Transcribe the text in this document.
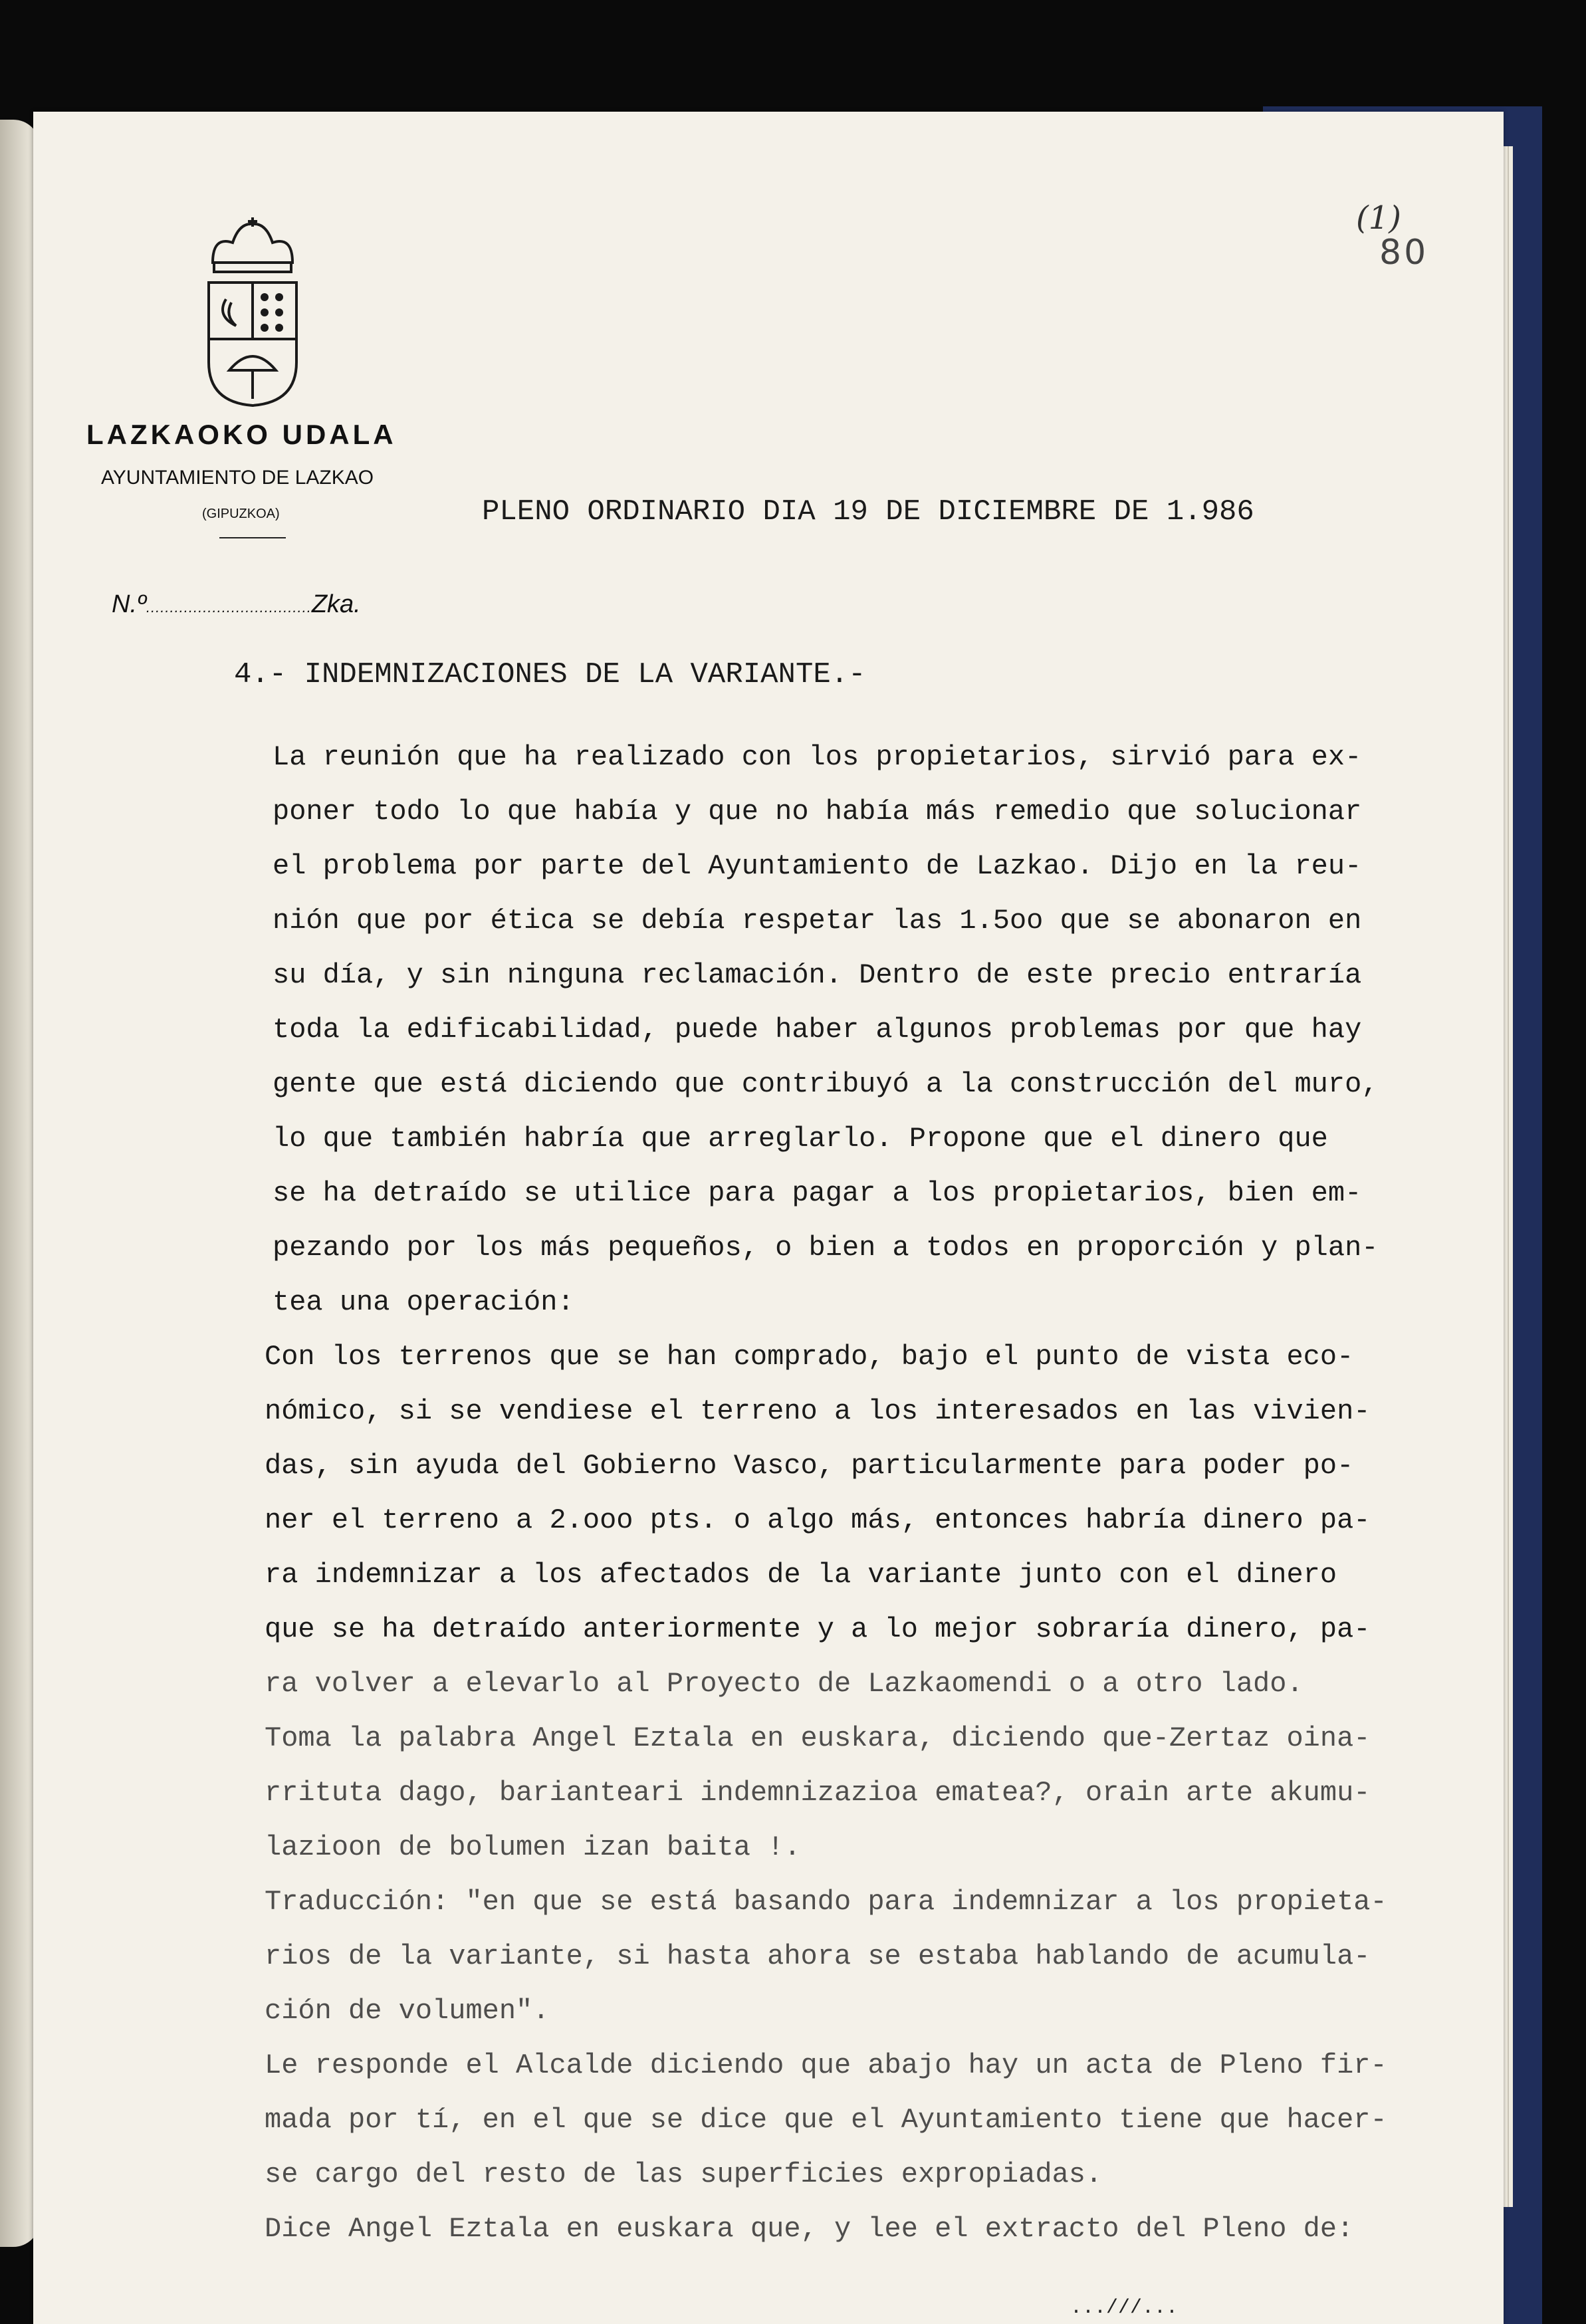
(1)
80
LAZKAOKO UDALA
AYUNTAMIENTO DE LAZKAO
(GIPUZKOA)
N.º...................................Zka.
PLENO ORDINARIO DIA 19 DE DICIEMBRE DE 1.986
4.- INDEMNIZACIONES DE LA VARIANTE.-
La reunión que ha realizado con los propietarios, sirvió para ex-
poner todo lo que había y que no había más remedio que solucionar
el problema por parte del Ayuntamiento de Lazkao. Dijo en la reu-
nión que por ética se debía respetar las 1.5oo que se abonaron en
su día, y sin ninguna reclamación. Dentro de este precio entraría
toda la edificabilidad, puede haber algunos problemas por que hay
gente que está diciendo que contribuyó a la construcción del muro,
lo que también habría que arreglarlo. Propone que el dinero que
se ha detraído se utilice para pagar a los propietarios, bien em-
pezando por los más pequeños, o bien a todos en proporción y plan-
tea una operación:
Con los terrenos que se han comprado, bajo el punto de vista eco-
nómico, si se vendiese el terreno a los interesados en las vivien-
das, sin ayuda del Gobierno Vasco, particularmente para poder po-
ner el terreno a 2.ooo pts. o algo más, entonces habría dinero pa-
ra indemnizar a los afectados de la variante junto con el dinero
que se ha detraído anteriormente y a lo mejor sobraría dinero, pa-
ra volver a elevarlo al Proyecto de Lazkaomendi o a otro lado.
Toma la palabra Angel Eztala en euskara, diciendo que-Zertaz oina-
rrituta dago, barianteari indemnizazioa ematea?, orain arte akumu-
lazioon de bolumen izan baita !.
Traducción: "en que se está basando para indemnizar a los propieta-
rios de la variante, si hasta ahora se estaba hablando de acumula-
ción de volumen".
Le responde el Alcalde diciendo que abajo hay un acta de Pleno fir-
mada por tí, en el que se dice que el Ayuntamiento tiene que hacer-
se cargo del resto de las superficies expropiadas.
Dice Angel Eztala en euskara que, y lee el extracto del Pleno de:
...///...
